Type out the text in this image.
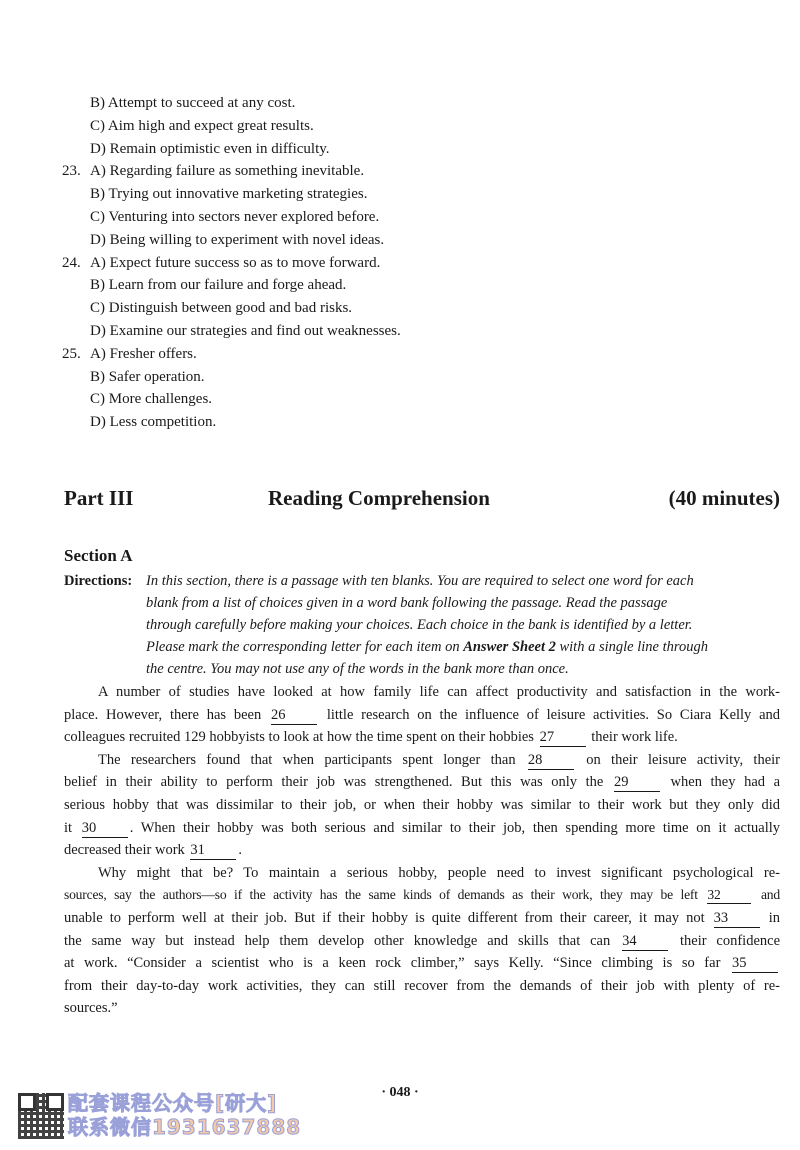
B) Attempt to succeed at any cost.
C) Aim high and expect great results.
D) Remain optimistic even in difficulty.
23. A) Regarding failure as something inevitable.
B) Trying out innovative marketing strategies.
C) Venturing into sectors never explored before.
D) Being willing to experiment with novel ideas.
24. A) Expect future success so as to move forward.
B) Learn from our failure and forge ahead.
C) Distinguish between good and bad risks.
D) Examine our strategies and find out weaknesses.
25. A) Fresher offers.
B) Safer operation.
C) More challenges.
D) Less competition.
Part III	Reading Comprehension	(40 minutes)
Section A
Directions: In this section, there is a passage with ten blanks. You are required to select one word for each
blank from a list of choices given in a word bank following the passage. Read the passage
through carefully before making your choices. Each choice in the bank is identified by a letter.
Please mark the corresponding letter for each item on Answer Sheet 2 with a single line through
the centre. You may not use any of the words in the bank more than once.
A number of studies have looked at how family life can affect productivity and satisfaction in the work-
place. However, there has been 26	little research on the influence of leisure activities. So Ciara Kelly and
colleagues recruited 129 hobbyists to look at how the time spent on their hobbies 27	their work life.
The researchers found that when participants spent longer than 28	on their leisure activity, their
belief in their ability to perform their job was strengthened. But this was only the 29	when they had a
serious hobby that was dissimilar to their job, or when their hobby was similar to their work but they only did
it 30 . When their hobby was both serious and similar to their job, then spending more time on it actually
decreased their work 31 .
Why might that be? To maintain a serious hobby, people need to invest significant psychological re-
sources, say the authors—so if the activity has the same kinds of demands as their work, they may be left 32	and
unable to perform well at their job. But if their hobby is quite different from their career, it may not 33	in
the same way but instead help them develop other knowledge and skills that can 34	their confidence
at work. “Consider a scientist who is a keen rock climber,” says Kelly. “Since climbing is so far 35
from their day-to-day work activities, they can still recover from the demands of their job with plenty of re-
sources.”
· 048 ·
配套课程公众号[研大]
联系微信1931637888
